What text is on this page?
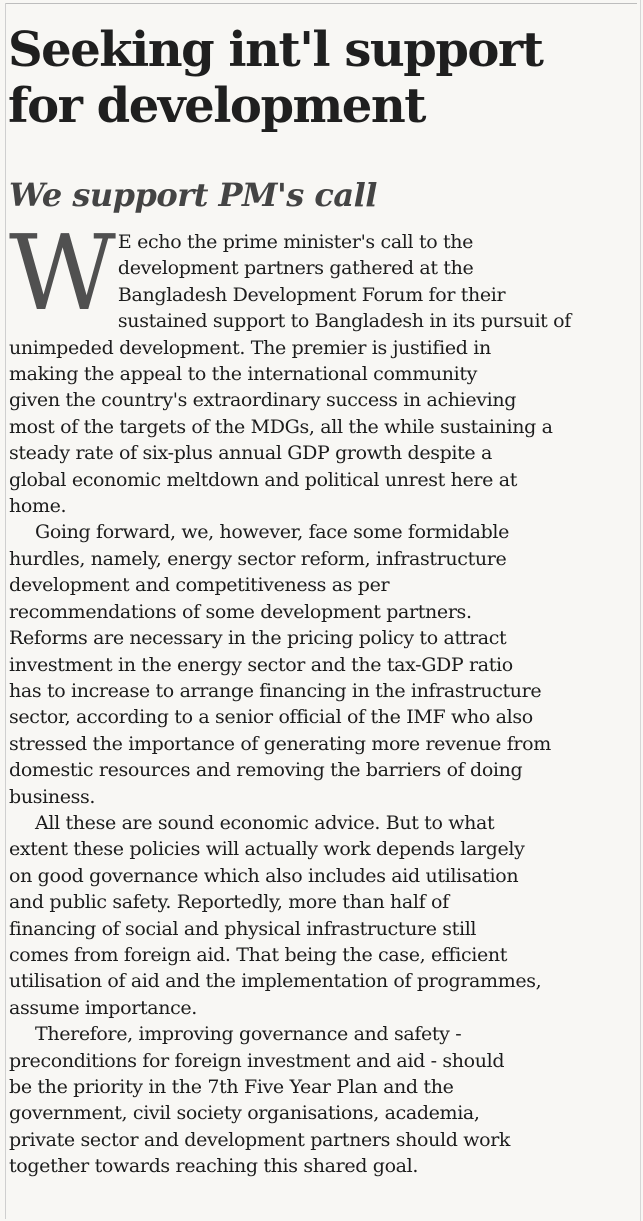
Seeking int'l support
for development
We support PM's call
W E echo the prime minister's call to the
development partners gathered at the
Bangladesh Development Forum for their
sustained support to Bangladesh in its pursuit of
unimpeded development. The premier is justified in
making the appeal to the international community
given the country's extraordinary success in achieving
most of the targets of the MDGs, all the while sustaining a
steady rate of six-plus annual GDP growth despite a
global economic meltdown and political unrest here at
home.
Going forward, we, however, face some formidable
hurdles, namely, energy sector reform, infrastructure
development and competitiveness as per
recommendations of some development partners.
Reforms are necessary in the pricing policy to attract
investment in the energy sector and the tax-GDP ratio
has to increase to arrange financing in the infrastructure
sector, according to a senior official of the IMF who also
stressed the importance of generating more revenue from
domestic resources and removing the barriers of doing
business.
All these are sound economic advice. But to what
extent these policies will actually work depends largely
on good governance which also includes aid utilisation
and public safety. Reportedly, more than half of
financing of social and physical infrastructure still
comes from foreign aid. That being the case, efficient
utilisation of aid and the implementation of programmes,
assume importance.
Therefore, improving governance and safety -
preconditions for foreign investment and aid - should
be the priority in the 7th Five Year Plan and the
government, civil society organisations, academia,
private sector and development partners should work
together towards reaching this shared goal.
